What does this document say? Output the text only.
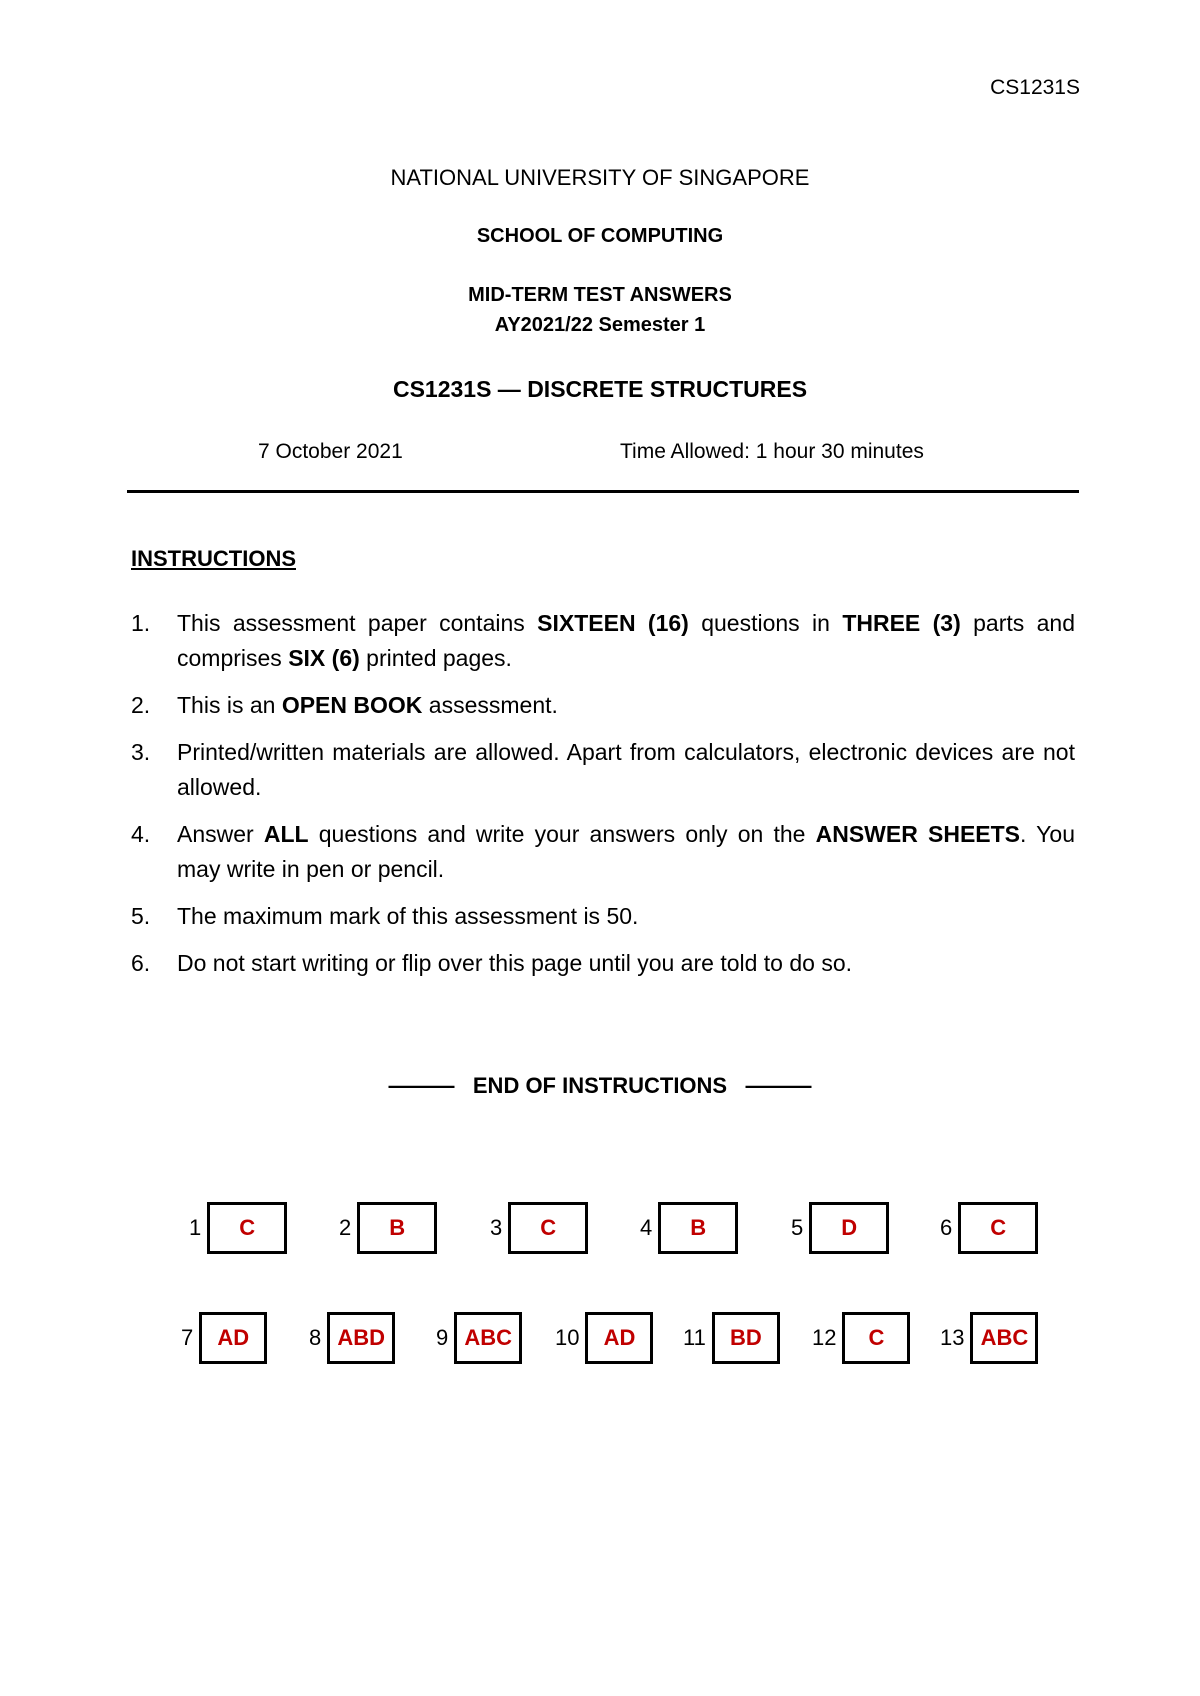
CS1231S
NATIONAL UNIVERSITY OF SINGAPORE
SCHOOL OF COMPUTING
MID-TERM TEST ANSWERS
AY2021/22 Semester 1
CS1231S — DISCRETE STRUCTURES
7 October 2021	Time Allowed: 1 hour 30 minutes
INSTRUCTIONS
1.	This assessment paper contains SIXTEEN (16) questions in THREE (3) parts and comprises SIX (6) printed pages.
2.	This is an OPEN BOOK assessment.
3.	Printed/written materials are allowed. Apart from calculators, electronic devices are not allowed.
4.	Answer ALL questions and write your answers only on the ANSWER SHEETS. You may write in pen or pencil.
5.	The maximum mark of this assessment is 50.
6.	Do not start writing or flip over this page until you are told to do so.
———   END OF INSTRUCTIONS   ———
1	C	2	B	3	C	4	B	5	D	6	C
7	AD	8 ABD	9 ABC	10	AD	11	BD	12	C	13 ABC
